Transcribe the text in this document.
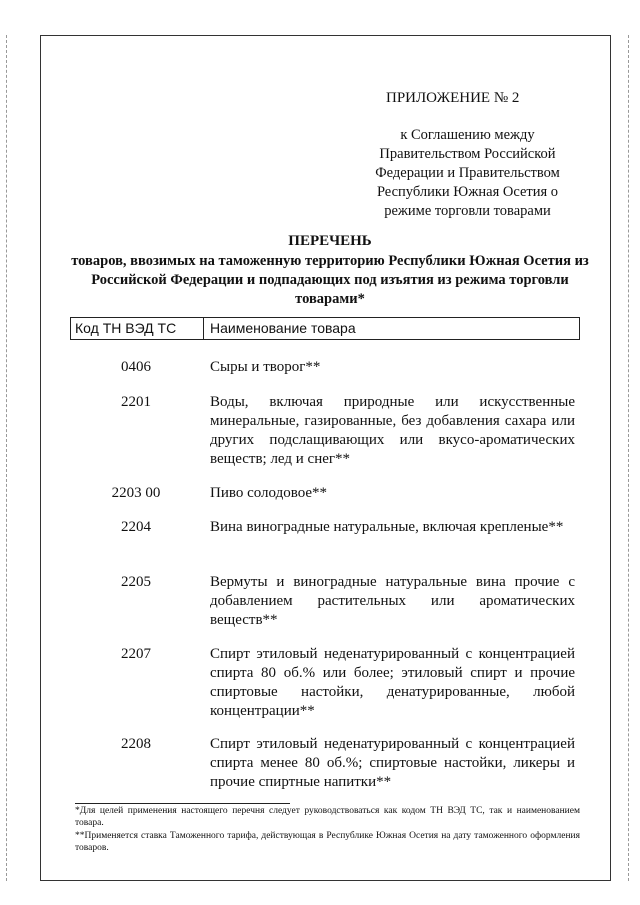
ПРИЛОЖЕНИЕ № 2
к Соглашению между
Правительством Российской
Федерации и Правительством
Республики Южная Осетия о
режиме торговли товарами
ПЕРЕЧЕНЬ
товаров, ввозимых на таможенную территорию Республики Южная Осетия из Российской Федерации и подпадающих под изъятия из режима торговли товарами*
Код ТН ВЭД ТС	Наименование товара
0406	Сыры и творог**
2201	Воды, включая природные или искусственные минеральные, газированные, без добавления сахара или других подслащивающих или вкусо-ароматических веществ; лед и снег**
2203 00	Пиво солодовое**
2204	Вина виноградные натуральные, включая крепленые**
2205	Вермуты и виноградные натуральные вина прочие с добавлением растительных или ароматических веществ**
2207	Спирт этиловый неденатурированный с концентрацией спирта 80 об.% или более; этиловый спирт и прочие спиртовые настойки, денатурированные, любой концентрации**
2208	Спирт этиловый неденатурированный с концентрацией спирта менее 80 об.%; спиртовые настойки, ликеры и прочие спиртные напитки**
*Для целей применения настоящего перечня следует руководствоваться как кодом ТН ВЭД ТС, так и наименованием товара.
**Применяется ставка Таможенного тарифа, действующая в Республике Южная Осетия на дату таможенного оформления товаров.
